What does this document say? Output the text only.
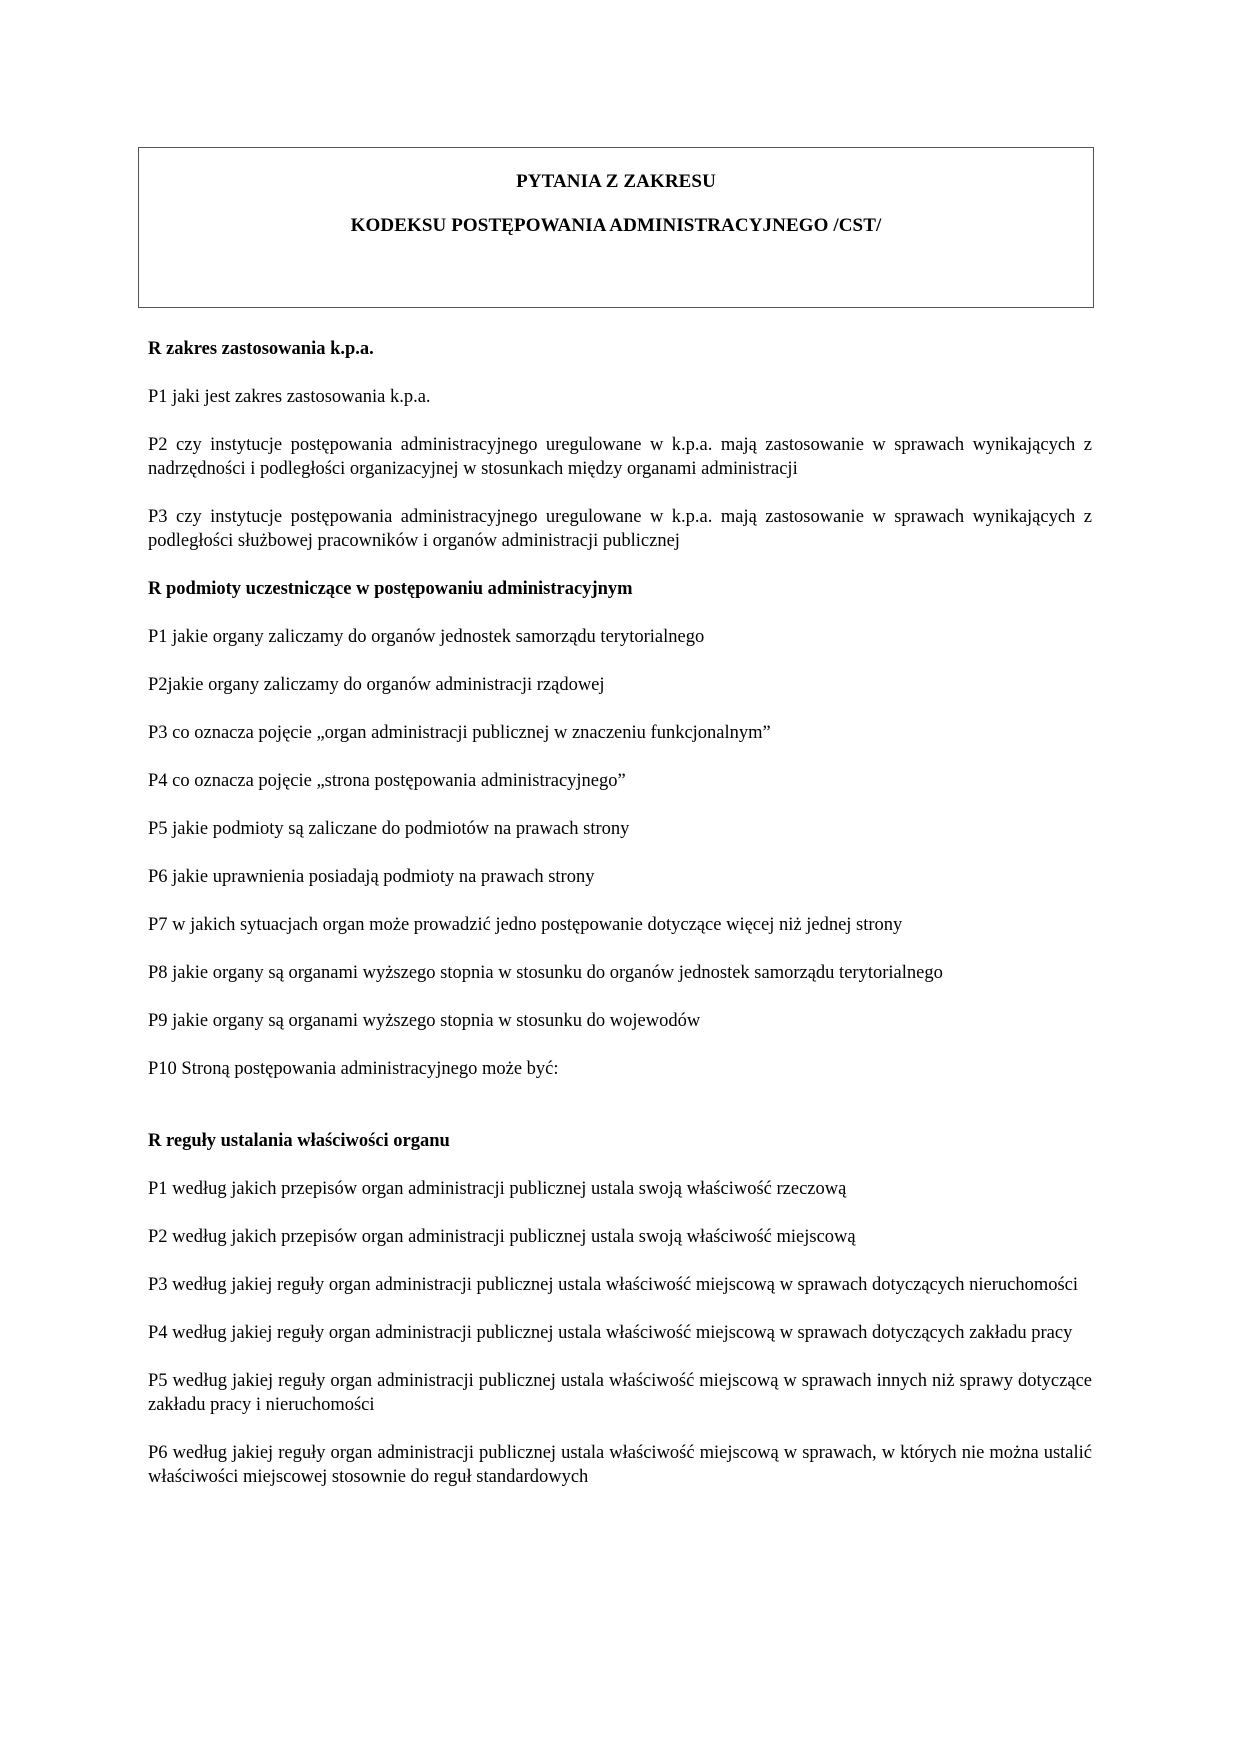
PYTANIA Z ZAKRESU
KODEKSU POSTĘPOWANIA ADMINISTRACYJNEGO /CST/

R zakres zastosowania k.p.a.

P1 jaki jest zakres zastosowania k.p.a.

P2 czy instytucje postępowania administracyjnego uregulowane w k.p.a. mają zastosowanie w sprawach wynikających z nadrzędności i podległości organizacyjnej w stosunkach między organami administracji

P3 czy instytucje postępowania administracyjnego uregulowane w k.p.a. mają zastosowanie w sprawach wynikających z podległości służbowej pracowników i organów administracji publicznej

R podmioty uczestniczące w postępowaniu administracyjnym

P1 jakie organy zaliczamy do organów jednostek samorządu terytorialnego

P2jakie organy zaliczamy do organów administracji rządowej

P3 co oznacza pojęcie „organ administracji publicznej w znaczeniu funkcjonalnym”

P4 co oznacza pojęcie „strona postępowania administracyjnego”

P5 jakie podmioty są zaliczane do podmiotów na prawach strony

P6 jakie uprawnienia posiadają podmioty na prawach strony

P7 w jakich sytuacjach organ może prowadzić jedno postępowanie dotyczące więcej niż jednej strony

P8 jakie organy są organami wyższego stopnia w stosunku do organów jednostek samorządu terytorialnego

P9 jakie organy są organami wyższego stopnia w stosunku do wojewodów

P10 Stroną postępowania administracyjnego może być:

R reguły ustalania właściwości organu

P1 według jakich przepisów organ administracji publicznej ustala swoją właściwość rzeczową

P2 według jakich przepisów organ administracji publicznej ustala swoją właściwość miejscową

P3 według jakiej reguły organ administracji publicznej ustala właściwość miejscową w sprawach dotyczących nieruchomości

P4 według jakiej reguły organ administracji publicznej ustala właściwość miejscową w sprawach dotyczących zakładu pracy

P5 według jakiej reguły organ administracji publicznej ustala właściwość miejscową w sprawach innych niż sprawy dotyczące zakładu pracy i nieruchomości

P6 według jakiej reguły organ administracji publicznej ustala właściwość miejscową w sprawach, w których nie można ustalić właściwości miejscowej stosownie do reguł standardowych
